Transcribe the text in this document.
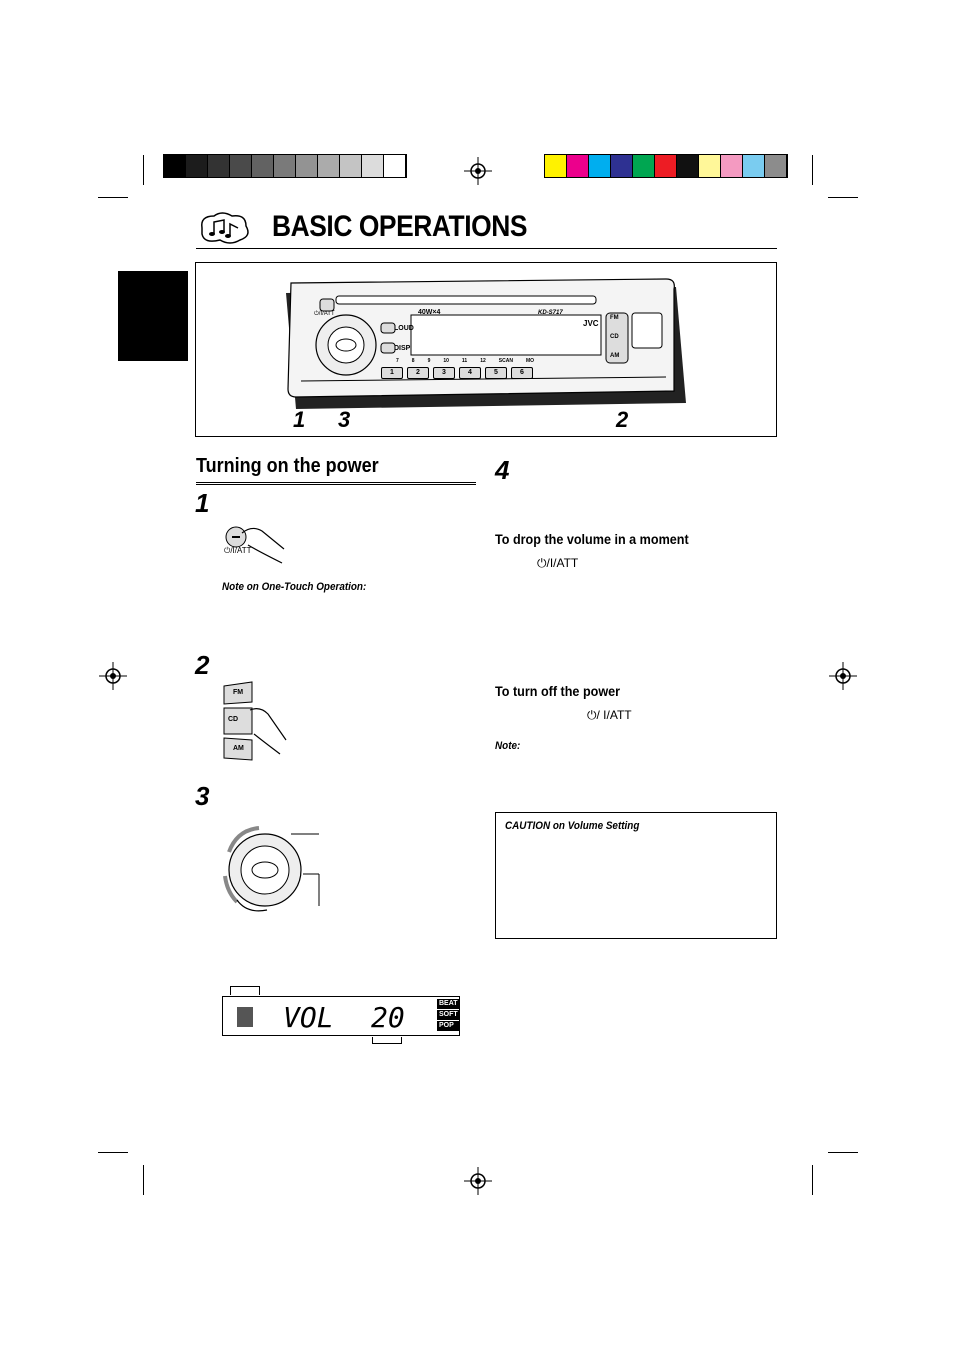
BASIC OPERATIONS
⏻/I/ATT
LOUD
DISP
40W×4	KD-S717
JVC
FM
CD
AM
7	8	9	10	11	12	SCAN	MO
1	2	3	4	5	6
1 3	2
Turning on the power
1
⏻/I/ATT
Note on One-Touch Operation:
2
FM
CD
AM
3
VOL 20	BEAT
SOFT
POP
4
To drop the volume in a moment
⏻/I/ATT
To turn off the power
⏻/ I/ATT
Note:
CAUTION on Volume Setting
